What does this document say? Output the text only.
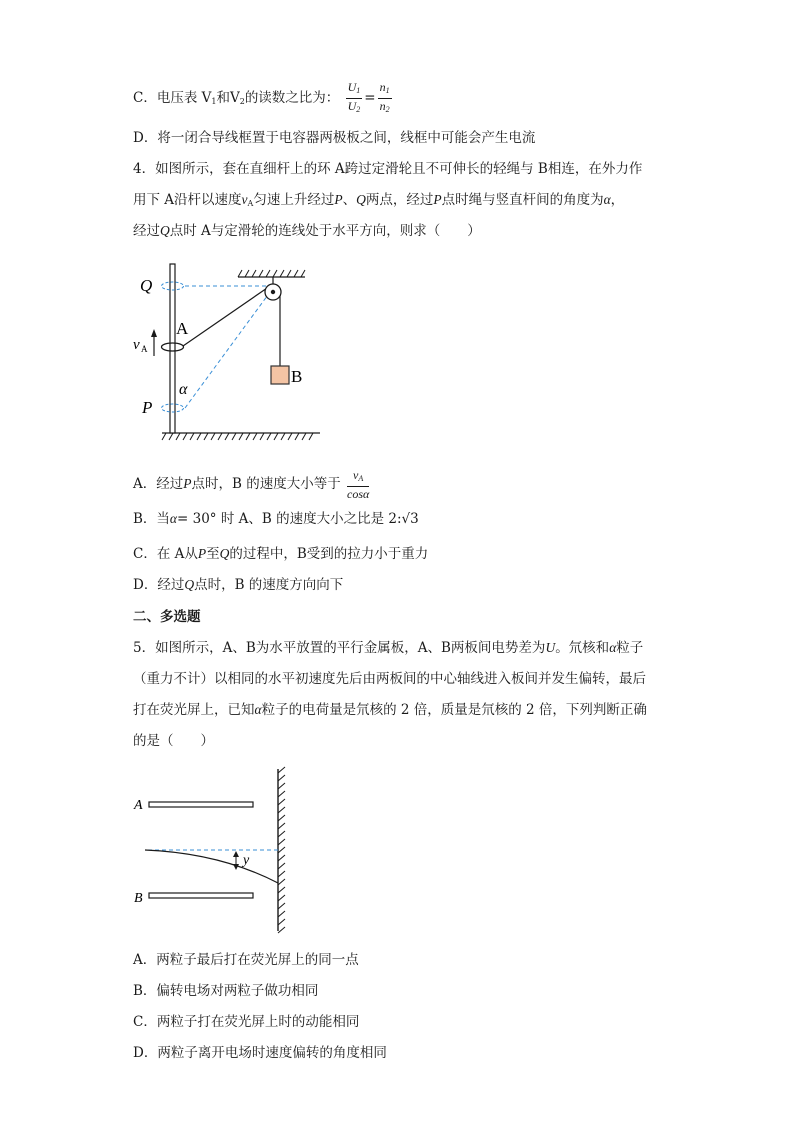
C．电压表 $V_1$和$V_2$的读数之比为： $\frac{U_1}{U_2} = \frac{n_1}{n_2}$
D．将一闭合导线框置于电容器两极板之间，线框中可能会产生电流
4．如图所示，套在直细杆上的环 A跨过定滑轮且不可伸长的轻绳与 B相连，在外力作
用下 A沿杆以速度$v_A$匀速上升经过P、Q两点，经过P点时绳与竖直杆间的角度为α，
经过Q点时 A与定滑轮的连线处于水平方向，则求（　　）
Q
A
v A
α
P
B
A．经过P点时，B 的速度大小等于 $\frac{v_A}{\cos\alpha}$
B．当α= 30° 时 A、B 的速度大小之比是 2:√3
C．在 A从P至Q的过程中，B受到的拉力小于重力
D．经过Q点时，B 的速度方向向下
二、多选题
5．如图所示，A、B为水平放置的平行金属板，A、B两板间电势差为U。氘核和α粒子
（重力不计）以相同的水平初速度先后由两板间的中心轴线进入板间并发生偏转，最后
打在荧光屏上，已知α粒子的电荷量是氘核的 2 倍，质量是氘核的 2 倍，下列判断正确
的是（　　）
A
B
y
A．两粒子最后打在荧光屏上的同一点
B．偏转电场对两粒子做功相同
C．两粒子打在荧光屏上时的动能相同
D．两粒子离开电场时速度偏转的角度相同
